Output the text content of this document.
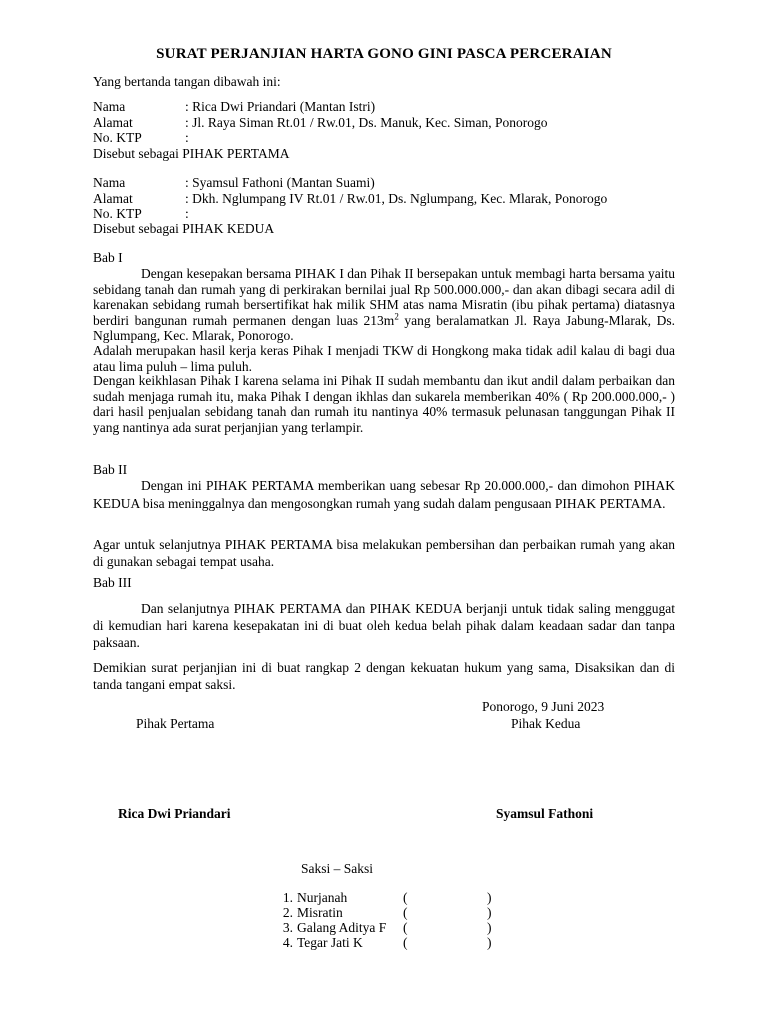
SURAT PERJANJIAN HARTA GONO GINI PASCA PERCERAIAN
Yang bertanda tangan dibawah ini:
Nama	: Rica Dwi Priandari (Mantan Istri)
Alamat	: Jl. Raya Siman Rt.01 / Rw.01, Ds. Manuk, Kec. Siman, Ponorogo
No. KTP	:
Disebut sebagai PIHAK PERTAMA
Nama	: Syamsul Fathoni (Mantan Suami)
Alamat	: Dkh. Nglumpang IV Rt.01 / Rw.01, Ds. Nglumpang, Kec. Mlarak, Ponorogo
No. KTP	:
Disebut sebagai PIHAK KEDUA
Bab I
Dengan kesepakan bersama PIHAK I dan Pihak II bersepakan untuk membagi harta bersama yaitu sebidang tanah dan rumah yang di perkirakan bernilai jual Rp 500.000.000,- dan akan dibagi secara adil di karenakan sebidang rumah bersertifikat hak milik SHM atas nama Misratin (ibu pihak pertama) diatasnya berdiri bangunan rumah permanen dengan luas $213m^2$ yang beralamatkan Jl. Raya Jabung-Mlarak, Ds. Nglumpang, Kec. Mlarak, Ponorogo.
Adalah merupakan hasil kerja keras Pihak I menjadi TKW di Hongkong maka tidak adil kalau di bagi dua atau lima puluh – lima puluh.
Dengan keikhlasan Pihak I karena selama ini Pihak II sudah membantu dan ikut andil dalam perbaikan dan sudah menjaga rumah itu, maka Pihak I dengan ikhlas dan sukarela memberikan 40% ( Rp 200.000.000,- ) dari hasil penjualan sebidang tanah dan rumah itu nantinya 40% termasuk pelunasan tanggungan Pihak II yang nantinya ada surat perjanjian yang terlampir.
Bab II
Dengan ini PIHAK PERTAMA memberikan uang sebesar Rp 20.000.000,- dan dimohon PIHAK KEDUA bisa meninggalnya dan mengosongkan rumah yang sudah dalam pengusaan PIHAK PERTAMA.
Agar untuk selanjutnya PIHAK PERTAMA bisa melakukan pembersihan dan perbaikan rumah yang akan di gunakan sebagai tempat usaha.
Bab III
Dan selanjutnya PIHAK PERTAMA dan PIHAK KEDUA berjanji untuk tidak saling menggugat di kemudian hari karena kesepakatan ini di buat oleh kedua belah pihak dalam keadaan sadar dan tanpa paksaan.
Demikian surat perjanjian ini di buat rangkap 2 dengan kekuatan hukum yang sama, Disaksikan dan di tanda tangani empat saksi.
Ponorogo, 9 Juni 2023
Pihak Pertama	Pihak Kedua
Rica Dwi Priandari	Syamsul Fathoni
Saksi – Saksi
1. Nurjanah	(	)
2. Misratin	(	)
3. Galang Aditya F (	)
4.Tegar Jati K	(	)
